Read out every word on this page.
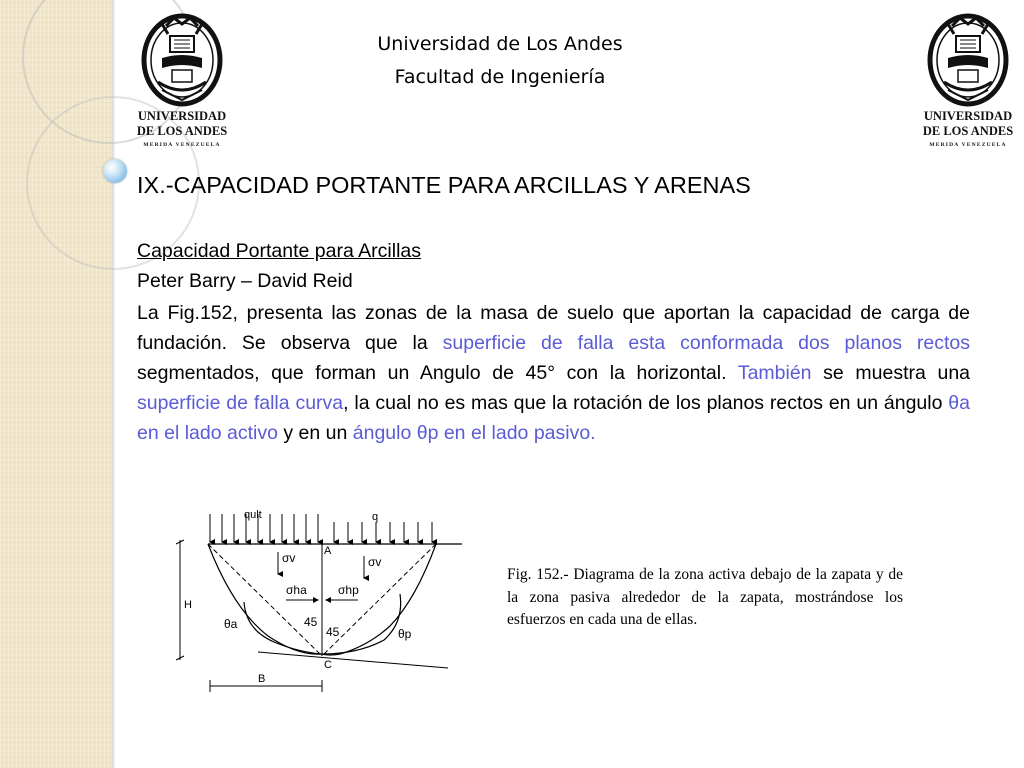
UNIVERSIDAD
DE LOS ANDES
MERIDA VENEZUELA
UNIVERSIDAD
DE LOS ANDES
MERIDA VENEZUELA
Universidad de Los Andes
Facultad de Ingeniería
IX.-CAPACIDAD PORTANTE PARA ARCILLAS Y ARENAS
Capacidad Portante para Arcillas
Peter Barry – David Reid
La Fig.152, presenta las zonas de la masa de suelo que aportan la capacidad de carga de fundación. Se observa que la superficie de falla esta conformada dos planos rectos segmentados, que forman un Angulo de 45° con la horizontal. También se muestra una superficie de falla curva, la cual no es mas que la rotación de los planos rectos en un ángulo θa en el lado activo y en un ángulo θp en el lado pasivo.
qult	q
σv	A
σv
σha	σhp
45
45
θa
θp
C
H
B
Fig. 152.- Diagrama de la zona activa debajo de la zapata y de la zona pasiva alrededor de la zapata, mostrándose los esfuerzos en cada una de ellas.
